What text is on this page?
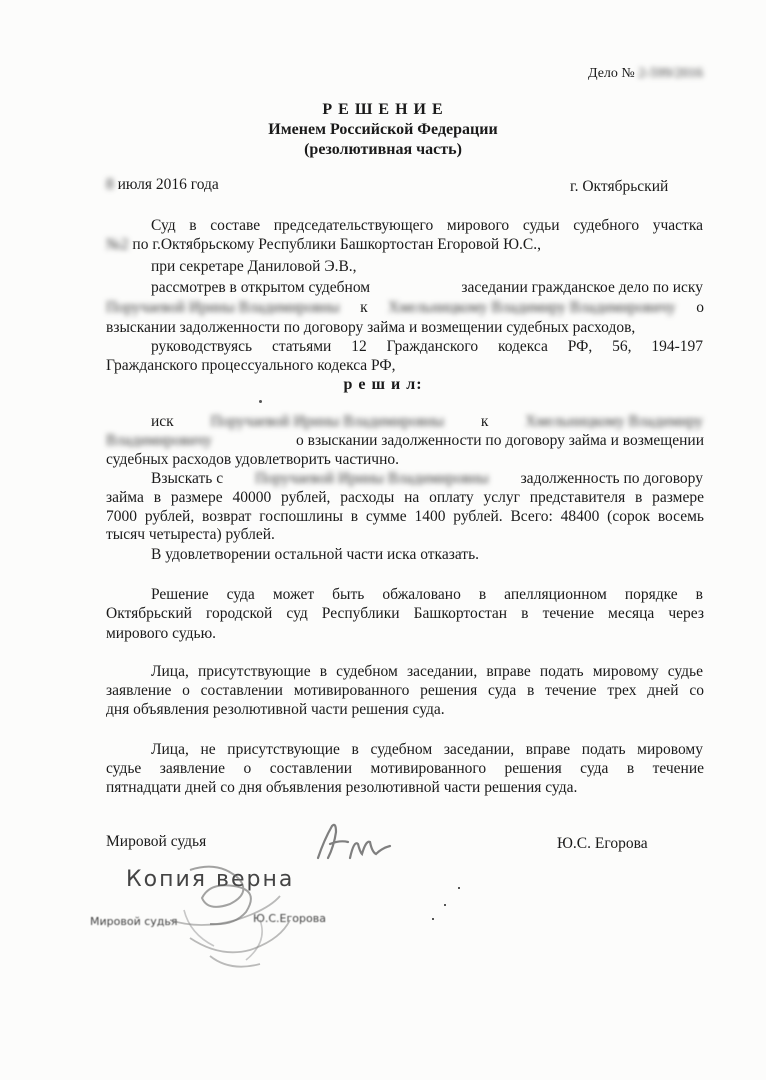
Дело № 2-599/2016
Р Е Ш Е Н И Е
Именем Российской Федерации
(резолютивная часть)
8 июля 2016 года	г. Октябрьский
Суд в составе председательствующего мирового судьи судебного участка
№2 по г.Октябрьскому Республики Башкортостан Егоровой Ю.С.,
при секретаре Даниловой Э.В.,
рассмотрев в открытом судебном	заседании гражданское дело по иску
Поручаевой Ирины Владимировны к Хмельницкому Владимиру Владимировичу о
взыскании задолженности по договору займа и возмещении судебных расходов,
руководствуясь статьями 12 Гражданского кодекса РФ, 56, 194-197
Гражданского процессуального кодекса РФ,
р е ш и л:
иск Поручаевой Ирины Владимировны к Хмельницкому Владимиру
Владимировичу	о взыскании задолженности по договору займа и возмещении
судебных расходов удовлетворить частично.
Взыскать с Поручаевой Ирины Владимировны задолженность по договору
займа в размере 40000 рублей, расходы на оплату услуг представителя в размере
7000 рублей, возврат госпошлины в сумме 1400 рублей. Всего: 48400 (сорок восемь
тысяч четыреста) рублей.
В удовлетворении остальной части иска отказать.
Решение суда может быть обжаловано в апелляционном порядке в
Октябрьский городской суд Республики Башкортостан в течение месяца через
мирового судью.
Лица, присутствующие в судебном заседании, вправе подать мировому судье
заявление о составлении мотивированного решения суда в течение трех дней со
дня объявления резолютивной части решения суда.
Лица, не присутствующие в судебном заседании, вправе подать мировому
судье заявление о составлении мотивированного решения суда в течение
пятнадцати дней со дня объявления резолютивной части решения суда.
Мировой судья	Ю.С. Егорова
Копия верна
Мировой судья	Ю.С.Егорова
